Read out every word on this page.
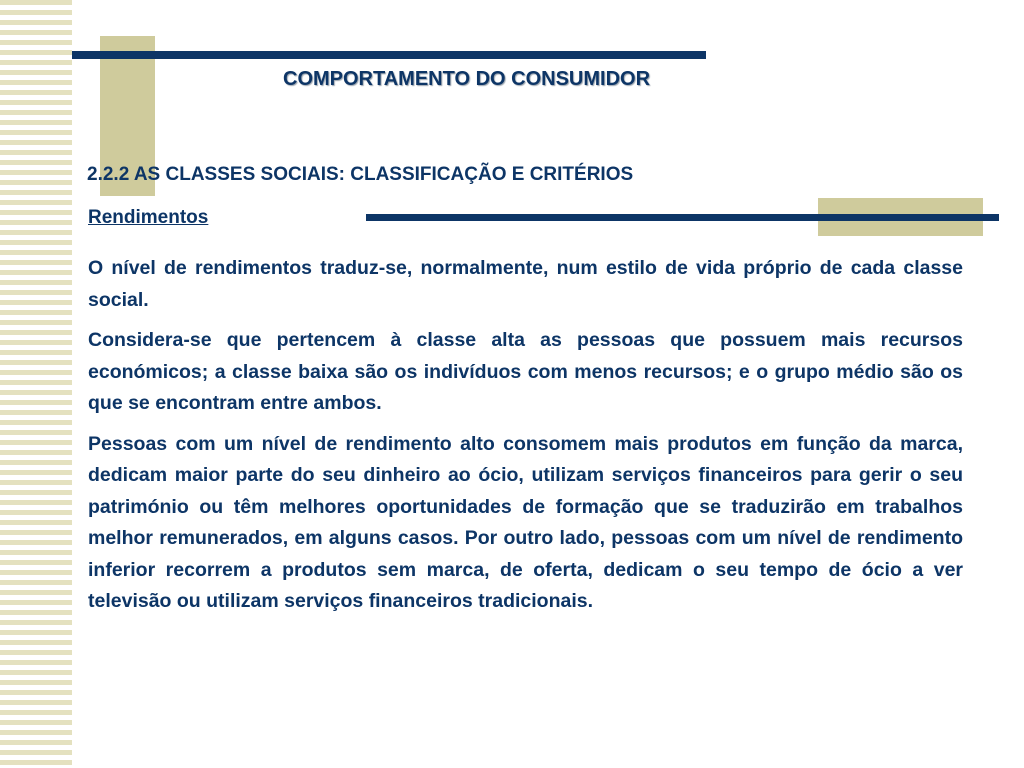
COMPORTAMENTO DO CONSUMIDOR
2.2.2 AS CLASSES SOCIAIS: CLASSIFICAÇÃO E CRITÉRIOS
Rendimentos

O nível de rendimentos traduz-se, normalmente, num estilo de vida próprio de cada classe social.

Considera-se que pertencem à classe alta as pessoas que possuem mais recursos económicos; a classe baixa são os indivíduos com menos recursos; e o grupo médio são os que se encontram entre ambos.

Pessoas com um nível de rendimento alto consomem mais produtos em função da marca, dedicam maior parte do seu dinheiro ao ócio, utilizam serviços financeiros para gerir o seu património ou têm melhores oportunidades de formação que se traduzirão em trabalhos melhor remunerados, em alguns casos. Por outro lado, pessoas com um nível de rendimento inferior recorrem a produtos sem marca, de oferta, dedicam o seu tempo de ócio a ver televisão ou utilizam serviços financeiros tradicionais.
